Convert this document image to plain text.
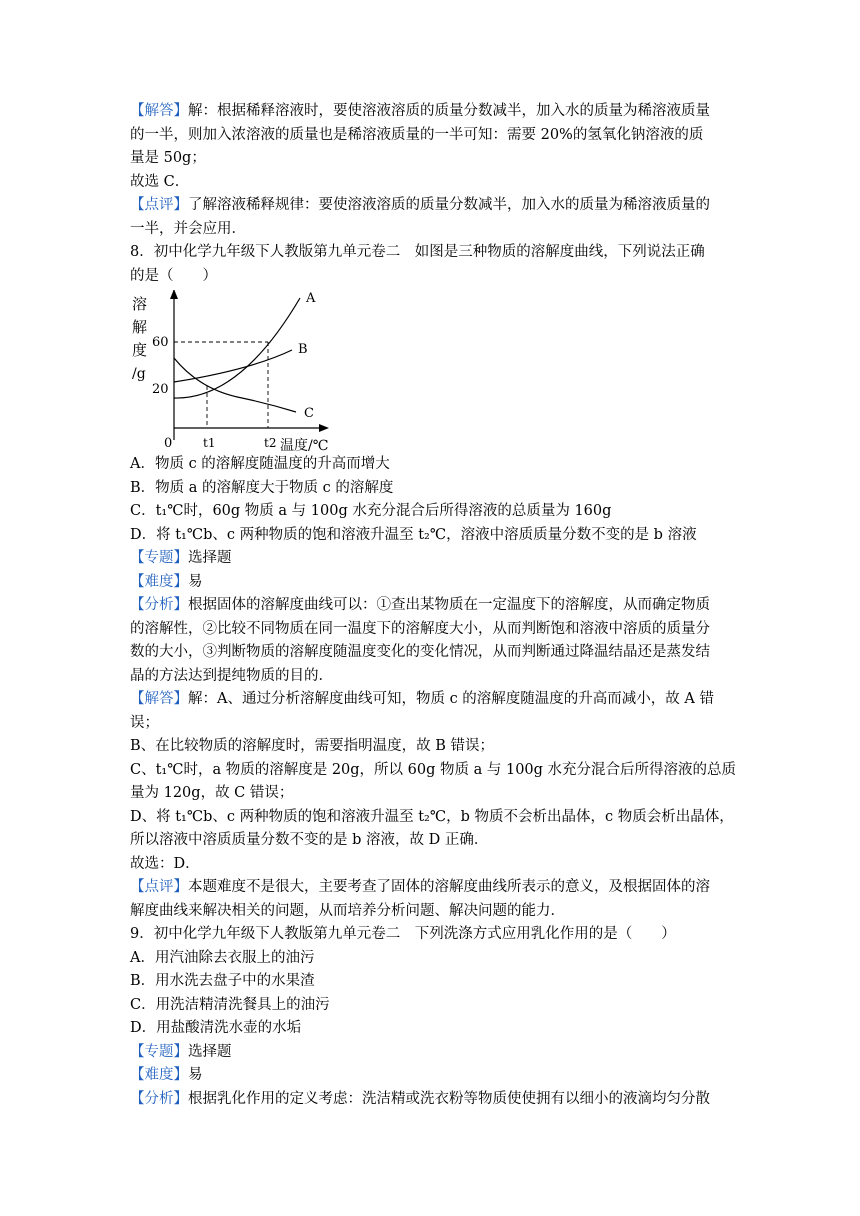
【解答】解：根据稀释溶液时，要使溶液溶质的质量分数减半，加入水的质量为稀溶液质量
的一半，则加入浓溶液的质量也是稀溶液质量的一半可知：需要 20%的氢氧化钠溶液的质
量是 50g；
故选 C．
【点评】了解溶液稀释规律：要使溶液溶质的质量分数减半，加入水的质量为稀溶液质量的
一半，并会应用．
8．初中化学九年级下人教版第九单元卷二　如图是三种物质的溶解度曲线，下列说法正确
的是（　　）
溶
解
度
/g
60
20
0	t1	t2 温度/℃
A
B
C
A．物质 c 的溶解度随温度的升高而增大
B．物质 a 的溶解度大于物质 c 的溶解度
C．t₁℃时，60g 物质 a 与 100g 水充分混合后所得溶液的总质量为 160g
D．将 t₁℃b、c 两种物质的饱和溶液升温至 t₂℃，溶液中溶质质量分数不变的是 b 溶液
【专题】选择题
【难度】易
【分析】根据固体的溶解度曲线可以：①查出某物质在一定温度下的溶解度，从而确定物质
的溶解性，②比较不同物质在同一温度下的溶解度大小，从而判断饱和溶液中溶质的质量分
数的大小，③判断物质的溶解度随温度变化的变化情况，从而判断通过降温结晶还是蒸发结
晶的方法达到提纯物质的目的．
【解答】解：A、通过分析溶解度曲线可知，物质 c 的溶解度随温度的升高而减小，故 A 错
误；
B、在比较物质的溶解度时，需要指明温度，故 B 错误；
C、t₁℃时，a 物质的溶解度是 20g，所以 60g 物质 a 与 100g 水充分混合后所得溶液的总质
量为 120g，故 C 错误；
D、将 t₁℃b、c 两种物质的饱和溶液升温至 t₂℃，b 物质不会析出晶体，c 物质会析出晶体，
所以溶液中溶质质量分数不变的是 b 溶液，故 D 正确．
故选：D．
【点评】本题难度不是很大，主要考查了固体的溶解度曲线所表示的意义，及根据固体的溶
解度曲线来解决相关的问题，从而培养分析问题、解决问题的能力．
9．初中化学九年级下人教版第九单元卷二　下列洗涤方式应用乳化作用的是（　　）
A．用汽油除去衣服上的油污
B．用水洗去盘子中的水果渣
C．用洗洁精清洗餐具上的油污
D．用盐酸清洗水壶的水垢
【专题】选择题
【难度】易
【分析】根据乳化作用的定义考虑：洗洁精或洗衣粉等物质使使拥有以细小的液滴均匀分散
